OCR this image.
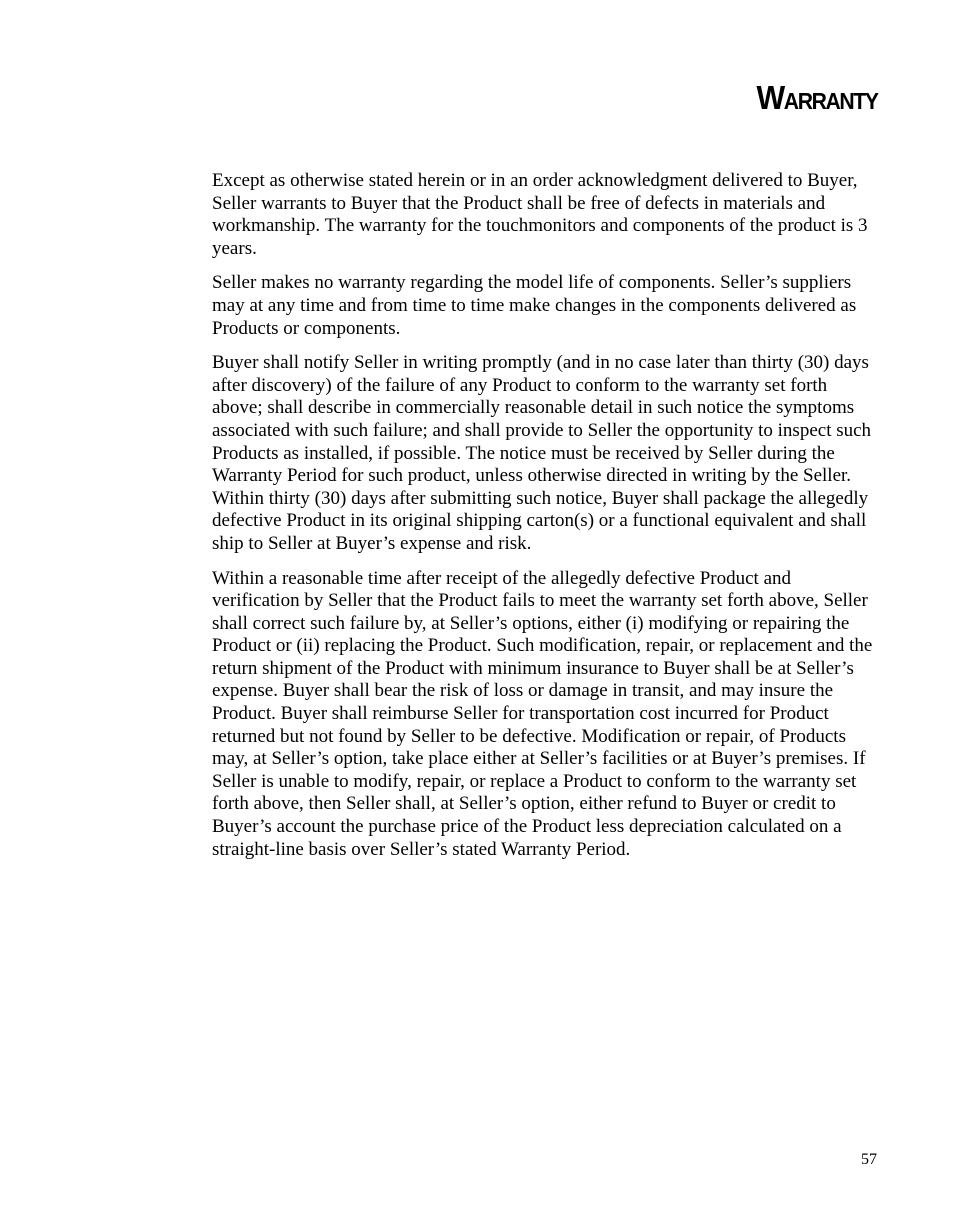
Warranty

Except as otherwise stated herein or in an order acknowledgment delivered to Buyer, Seller warrants to Buyer that the Product shall be free of defects in materials and workmanship. The warranty for the touchmonitors and components of the product is 3 years.

Seller makes no warranty regarding the model life of components. Seller’s suppliers may at any time and from time to time make changes in the components delivered as Products or components.

Buyer shall notify Seller in writing promptly (and in no case later than thirty (30) days after discovery) of the failure of any Product to conform to the warranty set forth above; shall describe in commercially reasonable detail in such notice the symptoms associated with such failure; and shall provide to Seller the opportunity to inspect such Products as installed, if possible. The notice must be received by Seller during the Warranty Period for such product, unless otherwise directed in writing by the Seller. Within thirty (30) days after submitting such notice, Buyer shall package the allegedly defective Product in its original shipping carton(s) or a functional equivalent and shall ship to Seller at Buyer’s expense and risk.

Within a reasonable time after receipt of the allegedly defective Product and verification by Seller that the Product fails to meet the warranty set forth above, Seller shall correct such failure by, at Seller’s options, either (i) modifying or repairing the Product or (ii) replacing the Product. Such modification, repair, or replacement and the return shipment of the Product with minimum insurance to Buyer shall be at Seller’s expense. Buyer shall bear the risk of loss or damage in transit, and may insure the Product. Buyer shall reimburse Seller for transportation cost incurred for Product returned but not found by Seller to be defective. Modification or repair, of Products may, at Seller’s option, take place either at Seller’s facilities or at Buyer’s premises. If Seller is unable to modify, repair, or replace a Product to conform to the warranty set forth above, then Seller shall, at Seller’s option, either refund to Buyer or credit to Buyer’s account the purchase price of the Product less depreciation calculated on a straight-line basis over Seller’s stated Warranty Period.

57
